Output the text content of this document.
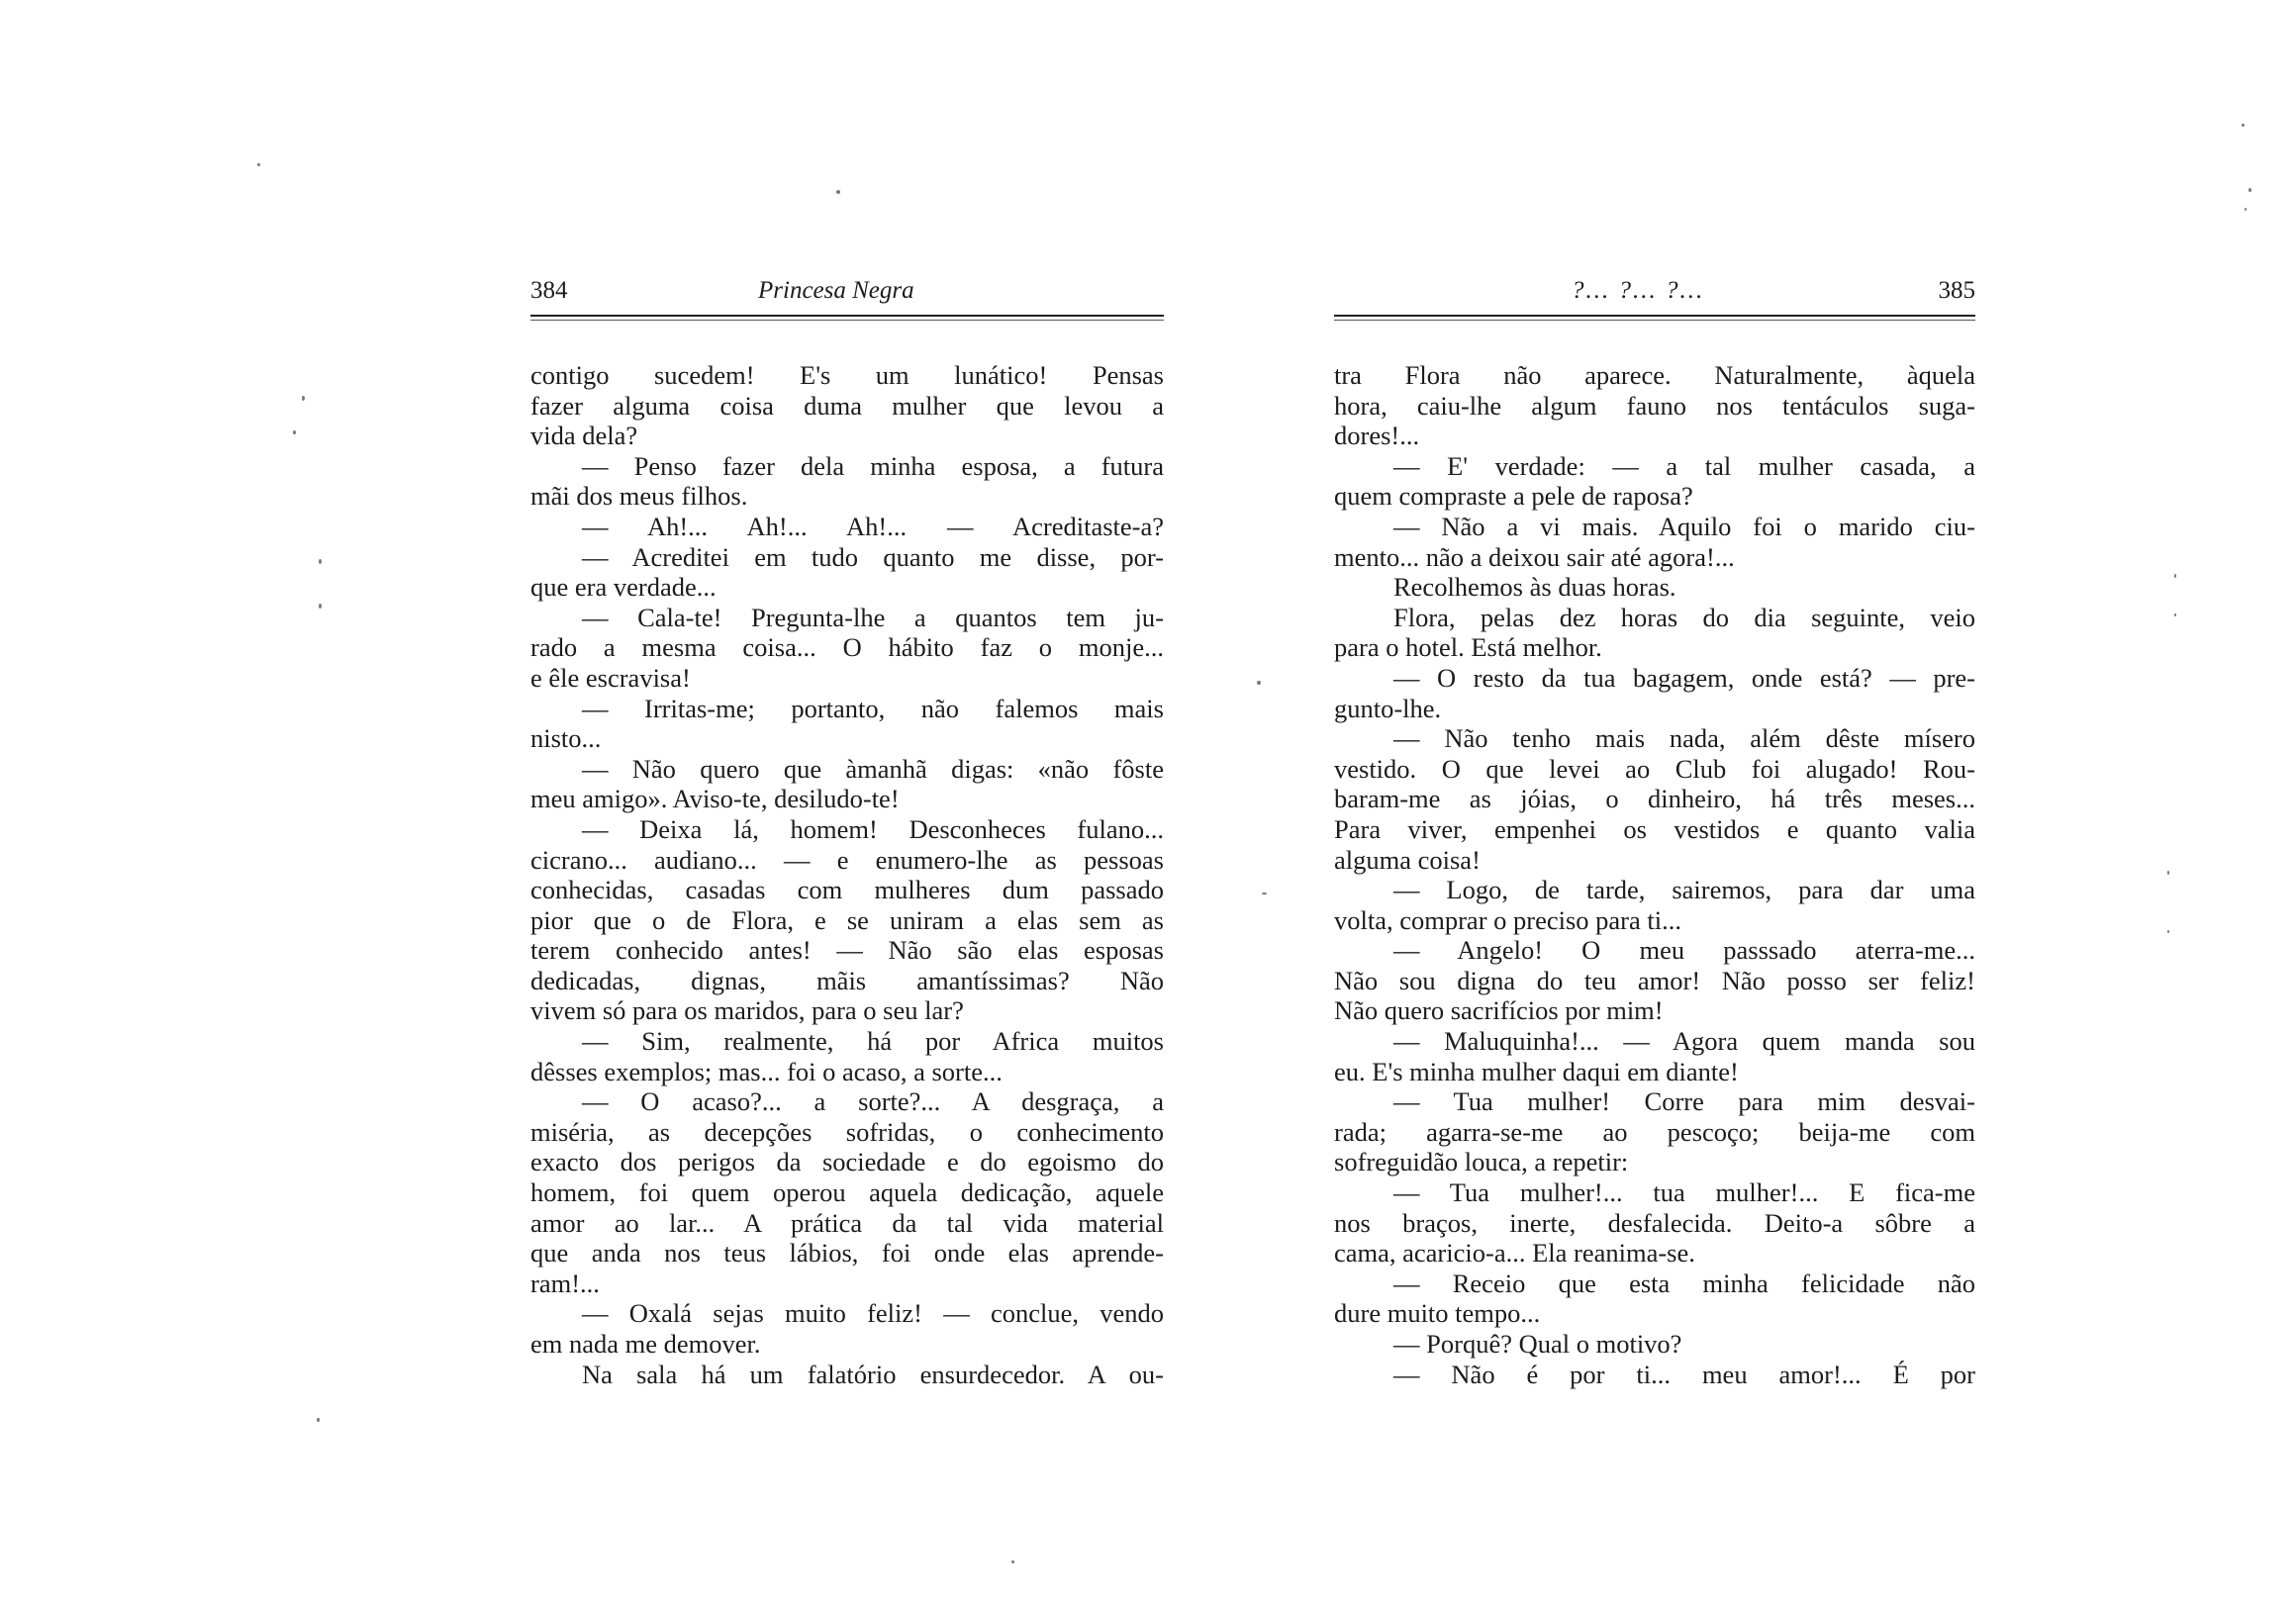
384	Princesa Negra
contigo sucedem! E's um lunático! Pensas
fazer alguma coisa duma mulher que levou a
vida dela?
— Penso fazer dela minha esposa, a futura
mãi dos meus filhos.
— Ah!... Ah!... Ah!... — Acreditaste-a?
— Acreditei em tudo quanto me disse, por-
que era verdade...
— Cala-te! Pregunta-lhe a quantos tem ju-
rado a mesma coisa... O hábito faz o monje...
e êle escravisa!
— Irritas-me; portanto, não falemos mais
nisto...
— Não quero que àmanhã digas: «não fôste
meu amigo». Aviso-te, desiludo-te!
— Deixa lá, homem! Desconheces fulano...
cicrano... audiano... — e enumero-lhe as pessoas
conhecidas, casadas com mulheres dum passado
pior que o de Flora, e se uniram a elas sem as
terem conhecido antes! — Não são elas esposas
dedicadas, dignas, mãis amantíssimas? Não
vivem só para os maridos, para o seu lar?
— Sim, realmente, há por Africa muitos
dêsses exemplos; mas... foi o acaso, a sorte...
— O acaso?... a sorte?... A desgraça, a
miséria, as decepções sofridas, o conhecimento
exacto dos perigos da sociedade e do egoismo do
homem, foi quem operou aquela dedicação, aquele
amor ao lar... A prática da tal vida material
que anda nos teus lábios, foi onde elas aprende-
ram!...
— Oxalá sejas muito feliz! — conclue, vendo
em nada me demover.
Na sala há um falatório ensurdecedor. A ou-
?... ?... ?...	385
tra Flora não aparece. Naturalmente, àquela
hora, caiu-lhe algum fauno nos tentáculos suga-
dores!...
— E' verdade: — a tal mulher casada, a
quem compraste a pele de raposa?
— Não a vi mais. Aquilo foi o marido ciu-
mento... não a deixou sair até agora!...
Recolhemos às duas horas.
Flora, pelas dez horas do dia seguinte, veio
para o hotel. Está melhor.
— O resto da tua bagagem, onde está? — pre-
gunto-lhe.
— Não tenho mais nada, além dêste mísero
vestido. O que levei ao Club foi alugado! Rou-
baram-me as jóias, o dinheiro, há três meses...
Para viver, empenhei os vestidos e quanto valia
alguma coisa!
— Logo, de tarde, sairemos, para dar uma
volta, comprar o preciso para ti...
— Angelo! O meu passsado aterra-me...
Não sou digna do teu amor! Não posso ser feliz!
Não quero sacrifícios por mim!
— Maluquinha!... — Agora quem manda sou
eu. E's minha mulher daqui em diante!
— Tua mulher! Corre para mim desvai-
rada; agarra-se-me ao pescoço; beija-me com
sofreguidão louca, a repetir:
— Tua mulher!... tua mulher!... E fica-me
nos braços, inerte, desfalecida. Deito-a sôbre a
cama, acaricio-a... Ela reanima-se.
— Receio que esta minha felicidade não
dure muito tempo...
— Porquê? Qual o motivo?
— Não é por ti... meu amor!... É por
